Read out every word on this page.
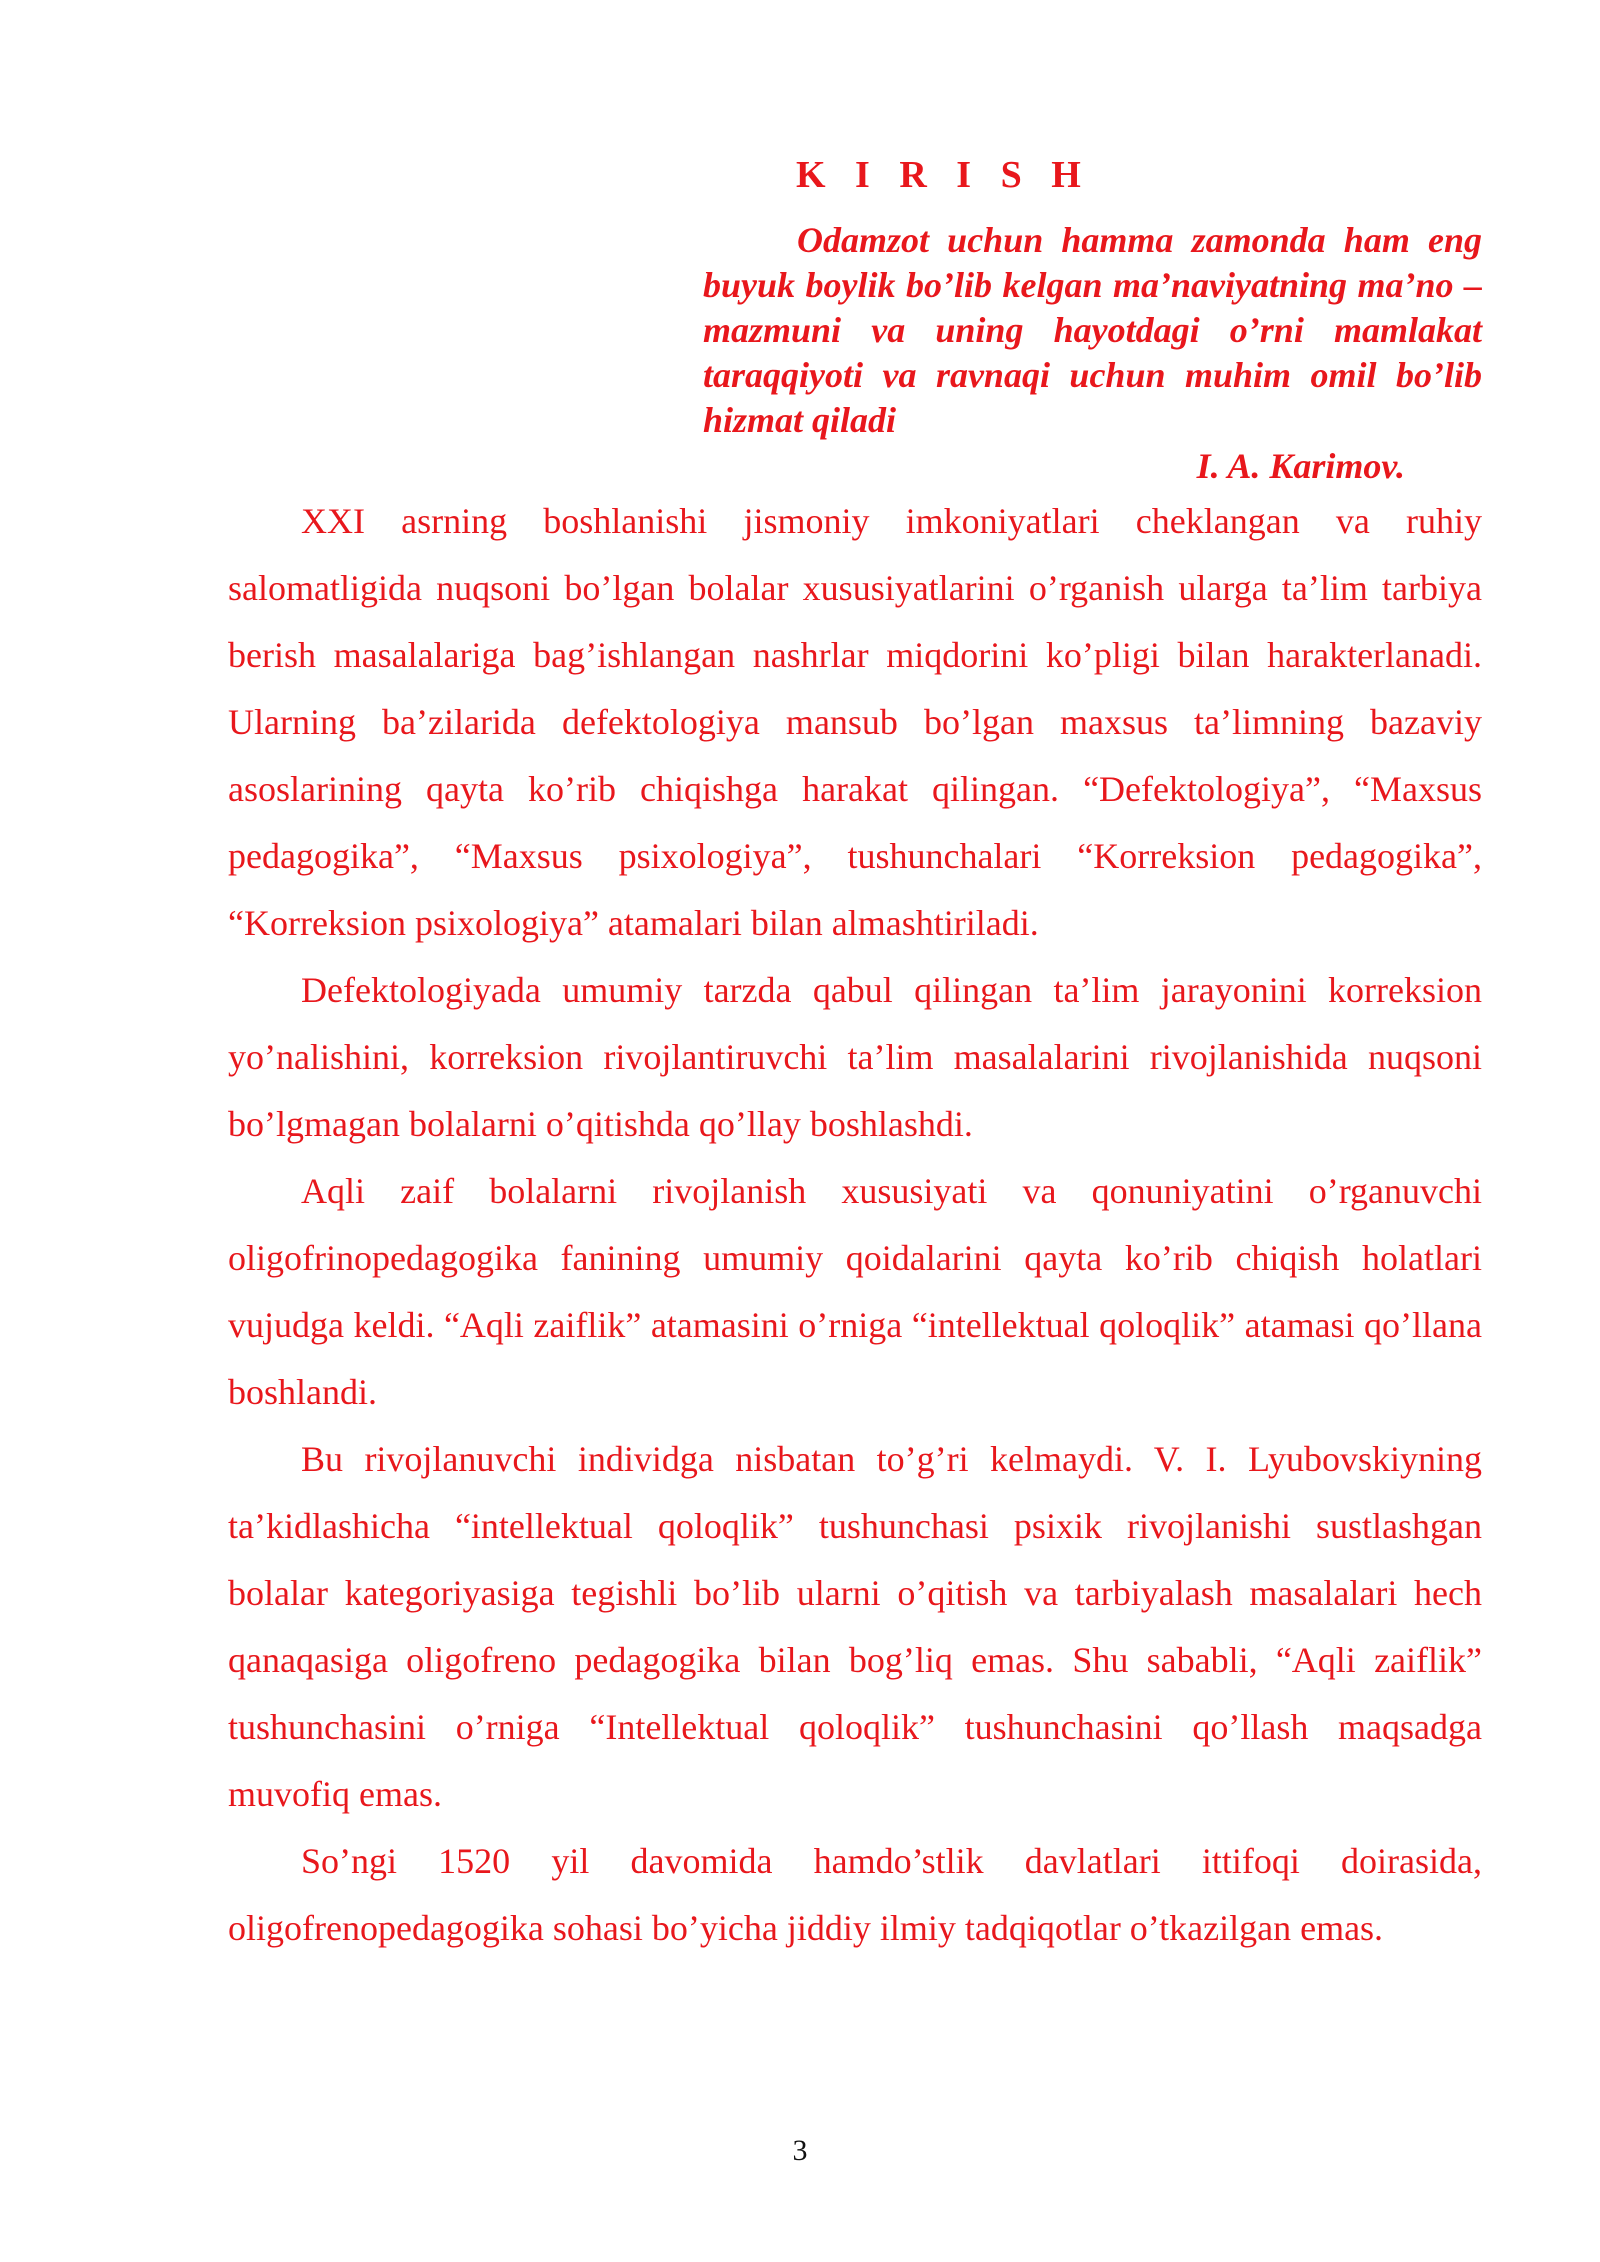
K I R I S H
Odamzot uchun hamma zamonda ham eng buyuk boylik bo’lib kelgan ma’naviyatning ma’no – mazmuni va uning hayotdagi o’rni mamlakat taraqqiyoti va ravnaqi uchun muhim omil bo’lib hizmat qiladi
I. A. Karimov.

XXI asrning boshlanishi jismoniy imkoniyatlari cheklangan va ruhiy salomatligida nuqsoni bo’lgan bolalar xususiyatlarini o’rganish ularga ta’lim tarbiya berish masalalariga bag’ishlangan nashrlar miqdorini ko’pligi bilan harakterlanadi. Ularning ba’zilarida defektologiya mansub bo’lgan maxsus ta’limning bazaviy asoslarining qayta ko’rib chiqishga harakat qilingan. “Defektologiya”, “Maxsus pedagogika”, “Maxsus psixologiya”, tushunchalari “Korreksion pedagogika”, “Korreksion psixologiya” atamalari bilan almashtiriladi.

Defektologiyada umumiy tarzda qabul qilingan ta’lim jarayonini korreksion yo’nalishini, korreksion rivojlantiruvchi ta’lim masalalarini rivojlanishida nuqsoni bo’lgmagan bolalarni o’qitishda qo’llay boshlashdi.

Aqli zaif bolalarni rivojlanish xususiyati va qonuniyatini o’rganuvchi oligofrinopedagogika fanining umumiy qoidalarini qayta ko’rib chiqish holatlari vujudga keldi. “Aqli zaiflik” atamasini o’rniga “intellektual qoloqlik” atamasi qo’llana boshlandi.

Bu rivojlanuvchi individga nisbatan to’g’ri kelmaydi. V. I. Lyubovskiyning ta’kidlashicha “intellektual qoloqlik” tushunchasi psixik rivojlanishi sustlashgan bolalar kategoriyasiga tegishli bo’lib ularni o’qitish va tarbiyalash masalalari hech qanaqasiga oligofreno pedagogika bilan bog’liq emas. Shu sababli, “Aqli zaiflik” tushunchasini o’rniga “Intellektual qoloqlik” tushunchasini qo’llash maqsadga muvofiq emas.

So’ngi 1520 yil davomida hamdo’stlik davlatlari ittifoqi doirasida, oligofrenopedagogika sohasi bo’yicha jiddiy ilmiy tadqiqotlar o’tkazilgan emas.

3
